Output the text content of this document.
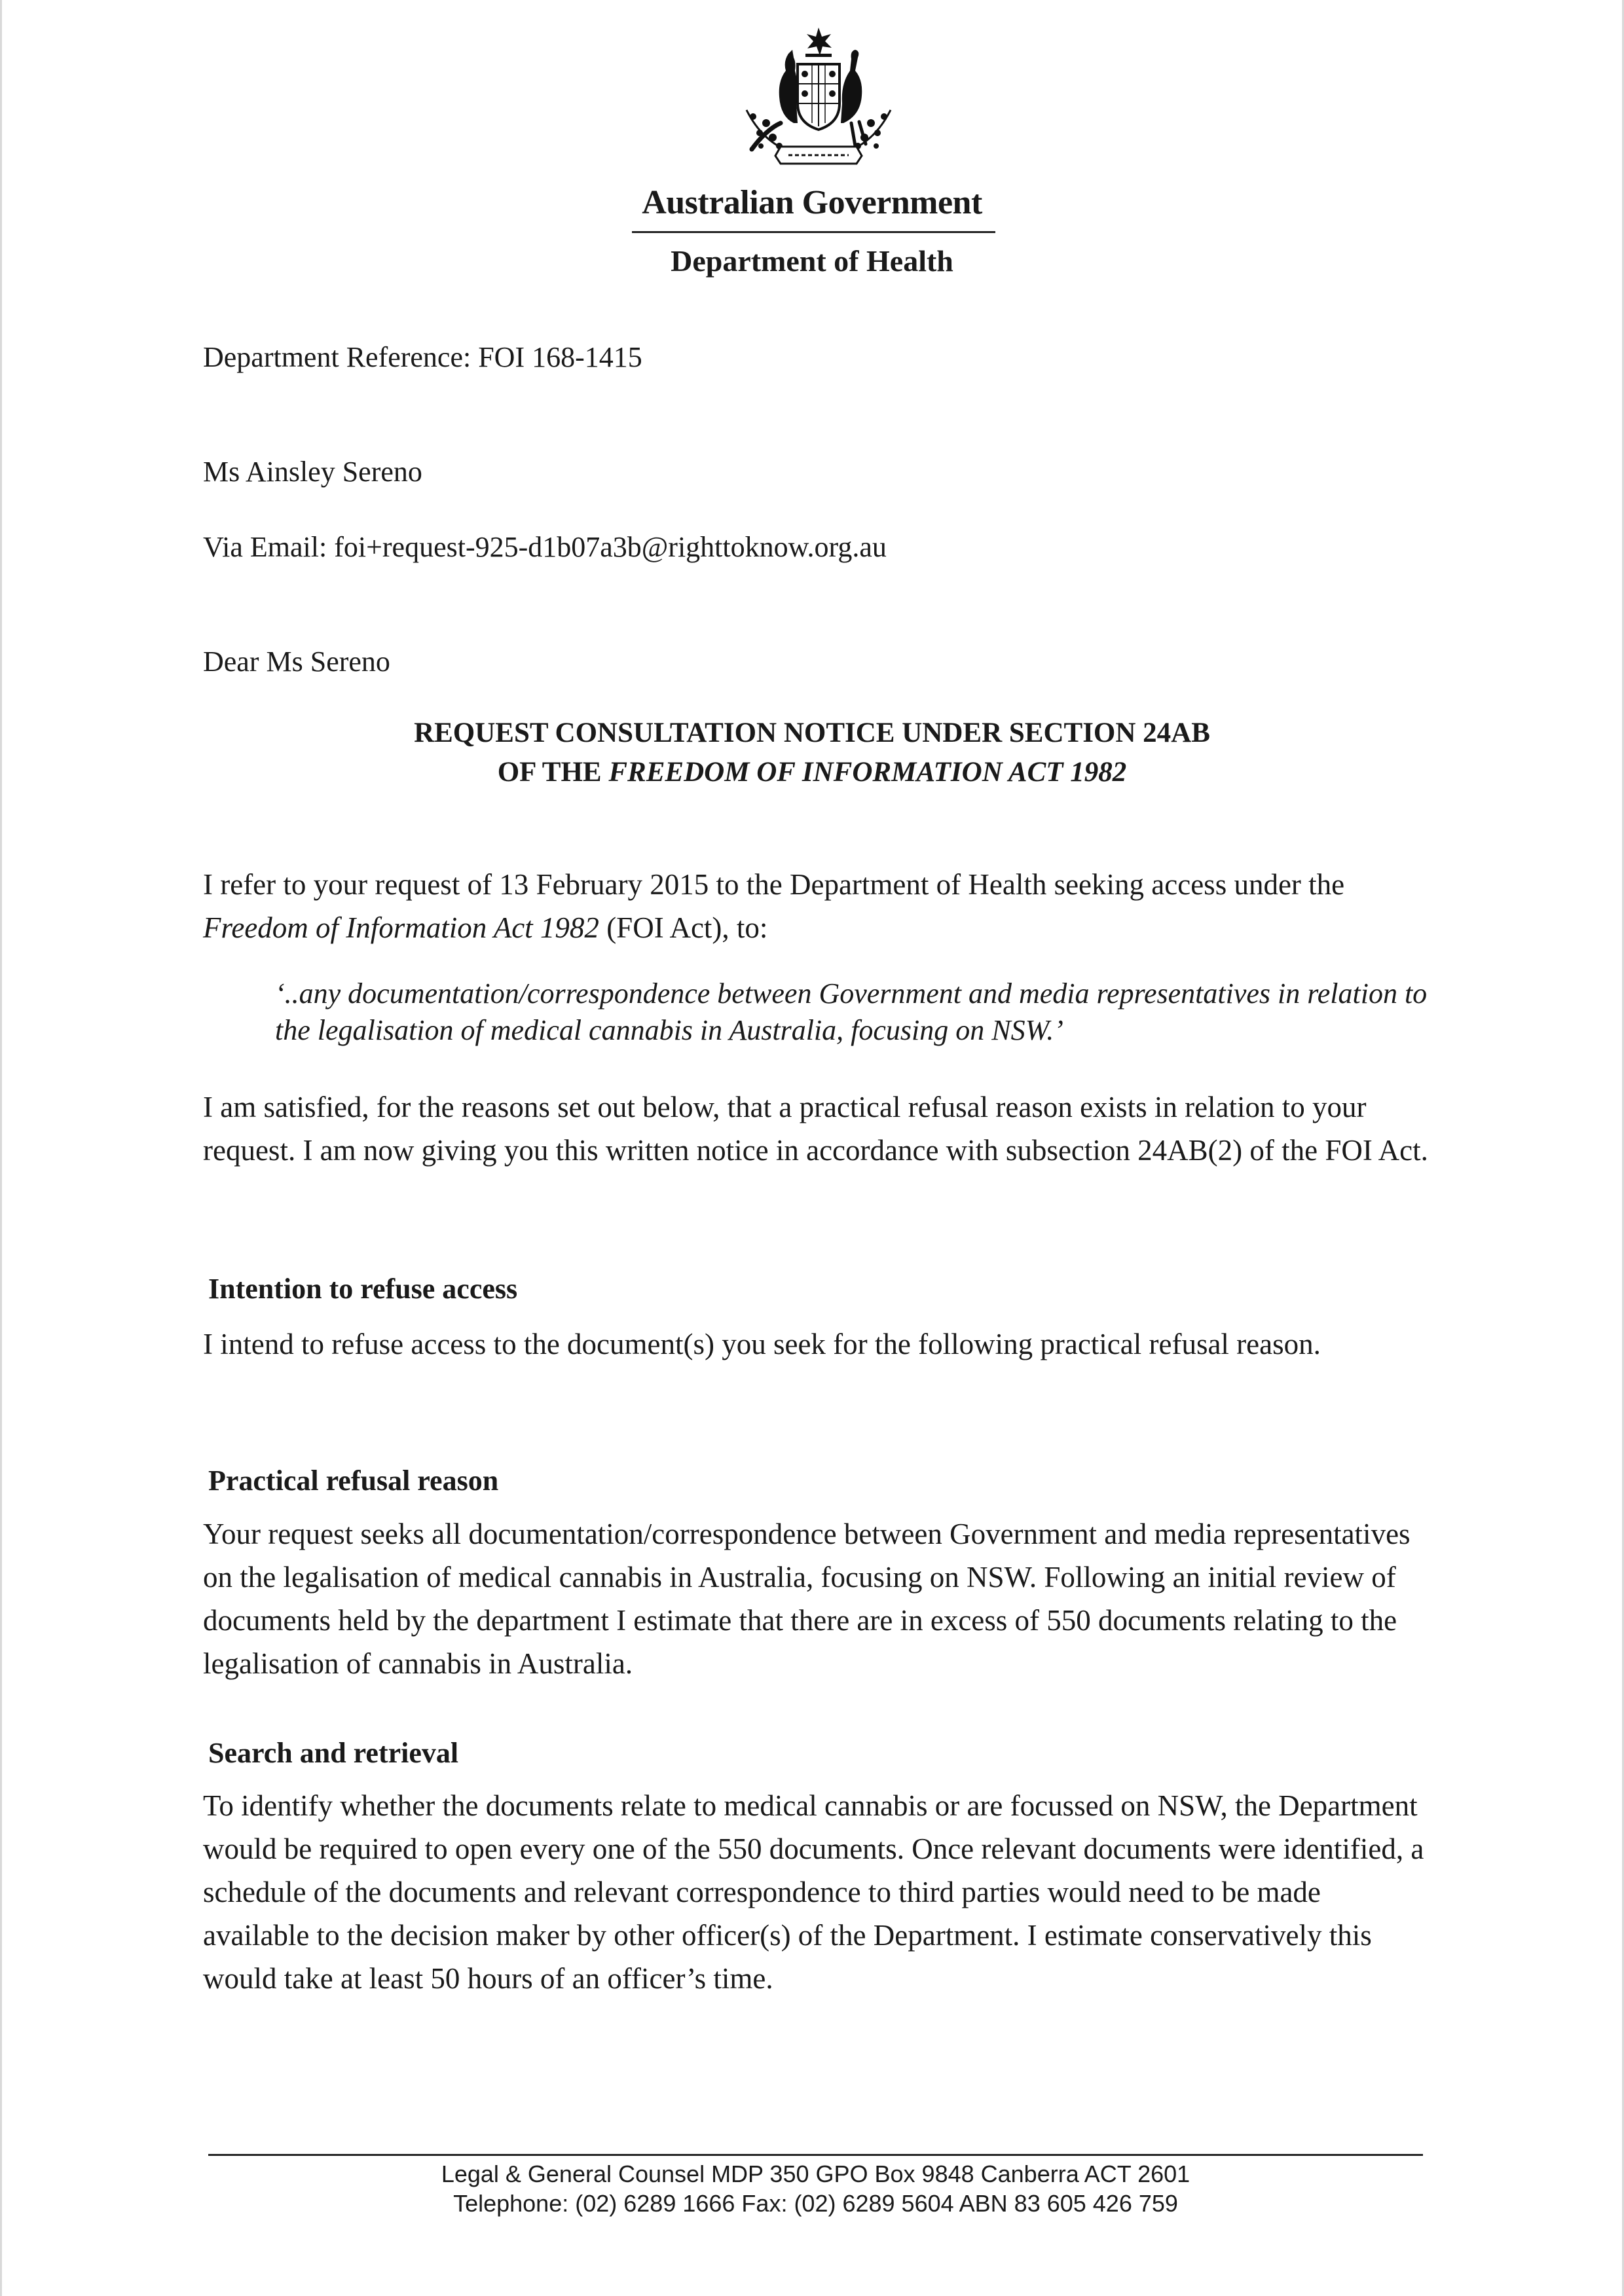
Australian Government
Department of Health
Department Reference: FOI 168-1415
Ms Ainsley Sereno
Via Email: foi+request-925-d1b07a3b@righttoknow.org.au
Dear Ms Sereno
REQUEST CONSULTATION NOTICE UNDER SECTION 24AB
OF THE FREEDOM OF INFORMATION ACT 1982

I refer to your request of 13 February 2015 to the Department of Health seeking access under the Freedom of Information Act 1982 (FOI Act), to:

‘..any documentation/correspondence between Government and media representatives in relation to the legalisation of medical cannabis in Australia, focusing on NSW.’
I am satisfied, for the reasons set out below, that a practical refusal reason exists in relation to your request. I am now giving you this written notice in accordance with subsection 24AB(2) of the FOI Act.
Intention to refuse access
I intend to refuse access to the document(s) you seek for the following practical refusal reason.
Practical refusal reason
Your request seeks all documentation/correspondence between Government and media representatives on the legalisation of medical cannabis in Australia, focusing on NSW. Following an initial review of documents held by the department I estimate that there are in excess of 550 documents relating to the legalisation of cannabis in Australia.
Search and retrieval
To identify whether the documents relate to medical cannabis or are focussed on NSW, the Department would be required to open every one of the 550 documents. Once relevant documents were identified, a schedule of the documents and relevant correspondence to third parties would need to be made available to the decision maker by other officer(s) of the Department. I estimate conservatively this would take at least 50 hours of an officer’s time.
Legal & General Counsel MDP 350 GPO Box 9848 Canberra ACT 2601
Telephone: (02) 6289 1666 Fax: (02) 6289 5604 ABN 83 605 426 759
